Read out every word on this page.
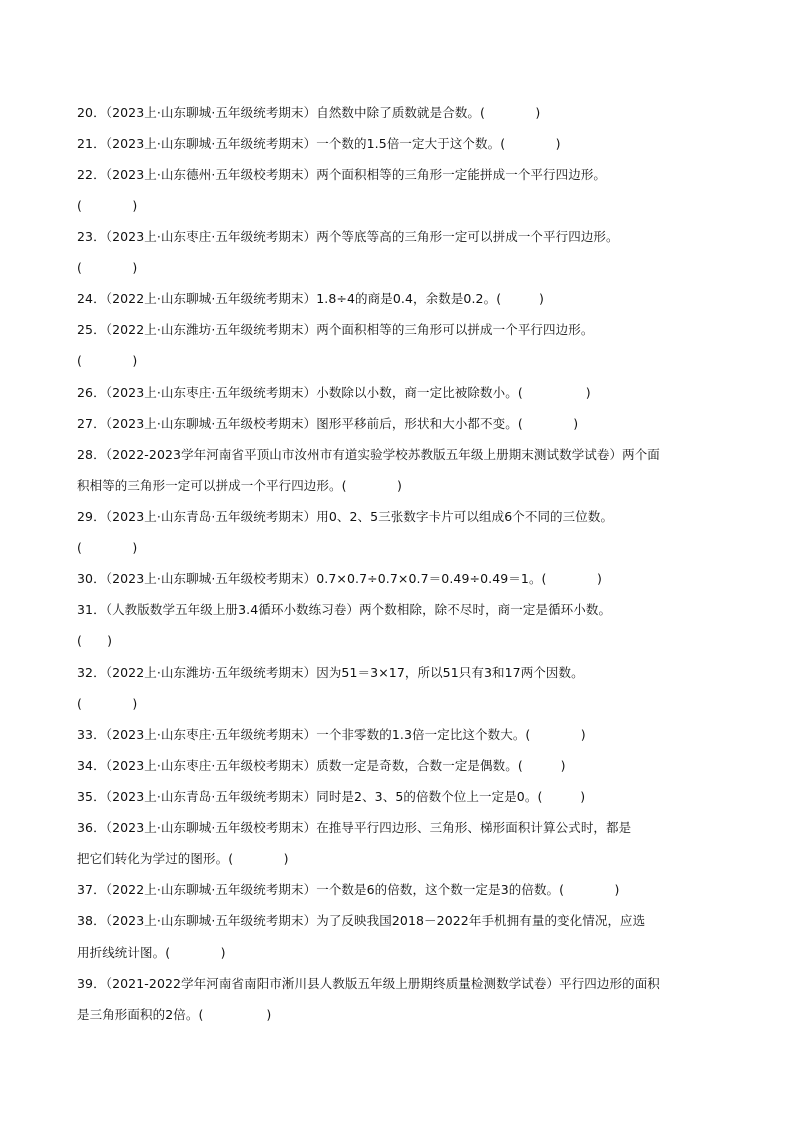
20．（2023上·山东聊城·五年级统考期末）自然数中除了质数就是合数。(　　　　)
21．（2023上·山东聊城·五年级统考期末）一个数的1.5倍一定大于这个数。(　　　　)
22．（2023上·山东德州·五年级校考期末）两个面积相等的三角形一定能拼成一个平行四边形。
(　　　　)
23．（2023上·山东枣庄·五年级统考期末）两个等底等高的三角形一定可以拼成一个平行四边形。
(　　　　)
24．（2022上·山东聊城·五年级统考期末）1.8÷4的商是0.4，余数是0.2。(　　　)
25．（2022上·山东潍坊·五年级统考期末）两个面积相等的三角形可以拼成一个平行四边形。
(　　　　)
26．（2023上·山东枣庄·五年级统考期末）小数除以小数，商一定比被除数小。(　　　　　)
27．（2023上·山东聊城·五年级校考期末）图形平移前后，形状和大小都不变。(　　　　)
28．（2022-2023学年河南省平顶山市汝州市有道实验学校苏教版五年级上册期末测试数学试卷）两个面
积相等的三角形一定可以拼成一个平行四边形。(　　　　)
29．（2023上·山东青岛·五年级统考期末）用0、2、5三张数字卡片可以组成6个不同的三位数。
(　　　　)
30．（2023上·山东聊城·五年级校考期末）0.7×0.7÷0.7×0.7＝0.49÷0.49＝1。(　　　　)
31．（人教版数学五年级上册3.4循环小数练习卷）两个数相除，除不尽时，商一定是循环小数。
(　　)
32．（2022上·山东潍坊·五年级统考期末）因为51＝3×17，所以51只有3和17两个因数。
(　　　　)
33．（2023上·山东枣庄·五年级统考期末）一个非零数的1.3倍一定比这个数大。(　　　　)
34．（2023上·山东枣庄·五年级校考期末）质数一定是奇数，合数一定是偶数。(　　　)
35．（2023上·山东青岛·五年级统考期末）同时是2、3、5的倍数个位上一定是0。(　　　)
36．（2023上·山东聊城·五年级校考期末）在推导平行四边形、三角形、梯形面积计算公式时，都是
把它们转化为学过的图形。(　　　　)
37．（2022上·山东聊城·五年级统考期末）一个数是6的倍数，这个数一定是3的倍数。(　　　　)
38．（2023上·山东聊城·五年级统考期末）为了反映我国2018－2022年手机拥有量的变化情况，应选
用折线统计图。(　　　　)
39．（2021-2022学年河南省南阳市淅川县人教版五年级上册期终质量检测数学试卷）平行四边形的面积
是三角形面积的2倍。(　　　　　)
